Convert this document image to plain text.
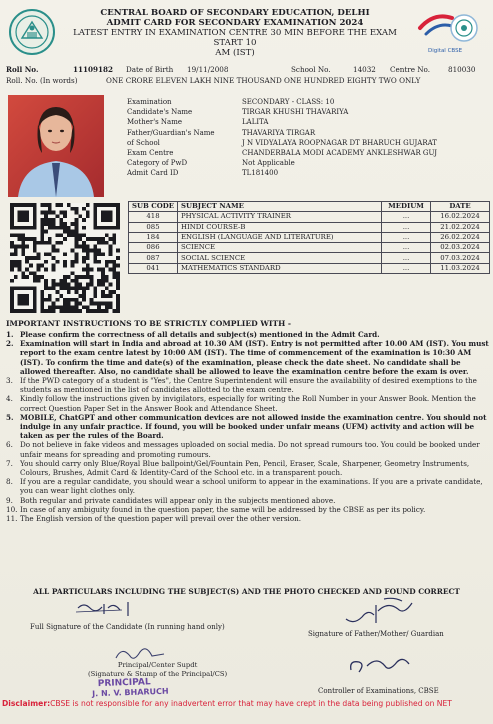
Digital CBSE
CENTRAL BOARD OF SECONDARY EDUCATION, DELHI
ADMIT CARD FOR SECONDARY EXAMINATION 2024
LATEST ENTRY IN EXAMINATION CENTRE 30 MIN BEFORE THE EXAM START 10
AM (IST)
Roll No.	11109182 Date of Birth 19/11/2008	School No.	14032 Centre No. 810030
Roll. No. (In words)	ONE CRORE ELEVEN LAKH NINE THOUSAND ONE HUNDRED EIGHTY TWO ONLY
Examination	SECONDARY - CLASS: 10
Candidate's Name	TIRGAR KHUSHI THAVARIYA
Mother's Name	LALITA
Father/Guardian's Name	THAVARIYA TIRGAR
of School	J N VIDYALAYA ROOPNAGAR DT BHARUCH GUJARAT
Exam Centre	CHANDERBALA MODI ACADEMY ANKLESHWAR GUJ
Category of PwD	Not Applicable
Admit Card ID	TL181400
SUB CODE	SUBJECT NAME	MEDIUM	DATE
418	PHYSICAL ACTIVITY TRAINER	...	16.02.2024
085	HINDI COURSE-B	...	21.02.2024
184	ENGLISH (LANGUAGE AND LITERATURE)	...	26.02.2024
086	SCIENCE	...	02.03.2024
087	SOCIAL SCIENCE	...	07.03.2024
041	MATHEMATICS STANDARD	...	11.03.2024
IMPORTANT INSTRUCTIONS TO BE STRICTLY COMPLIED WITH -
1. Please confirm the correctness of all details and subject(s) mentioned in the Admit Card.
2. Examination will start in India and abroad at 10.30 AM (IST). Entry is not permitted after 10.00 AM (IST). You must report to the exam centre latest by 10:00 AM (IST). The time of commencement of the examination is 10:30 AM (IST). To confirm the time and date(s) of the examination, please check the date sheet. No candidate shall be allowed thereafter. Also, no candidate shall be allowed to leave the examination centre before the exam is over.
3. If the PWD category of a student is "Yes", the Centre Superintendent will ensure the availability of desired exemptions to the students as mentioned in the list of candidates allotted to the exam centre.
4. Kindly follow the instructions given by invigilators, especially for writing the Roll Number in your Answer Book. Mention the correct Question Paper Set in the Answer Book and Attendance Sheet.
5. MOBILE, ChatGPT and other communication devices are not allowed inside the examination centre. You should not indulge in any unfair practice. If found, you will be booked under unfair means (UFM) activity and action will be taken as per the rules of the Board.
6. Do not believe in fake videos and messages uploaded on social media. Do not spread rumours too. You could be booked under unfair means for spreading and promoting rumours.
7. You should carry only Blue/Royal Blue ballpoint/Gel/Fountain Pen, Pencil, Eraser, Scale, Sharpener, Geometry Instruments, Colours, Brushes, Admit Card & Identity-Card of the School etc. in a transparent pouch.
8. If you are a regular candidate, you should wear a school uniform to appear in the examinations. If you are a private candidate, you can wear light clothes only.
9. Both regular and private candidates will appear only in the subjects mentioned above.
10. In case of any ambiguity found in the question paper, the same will be addressed by the CBSE as per its policy.
11. The English version of the question paper will prevail over the other version.
ALL PARTICULARS INCLUDING THE SUBJECT(S) AND THE PHOTO CHECKED AND FOUND CORRECT
Full Signature of the Candidate (In running hand only)
Signature of Father/Mother/ Guardian
Principal/Center Supdt
(Signature & Stamp of the Principal/CS)
PRINCIPAL
J. N. V. BHARUCH	Controller of Examinations, CBSE
Disclaimer:CBSE is not responsible for any inadvertent error that may have crept in the data being published on NET
